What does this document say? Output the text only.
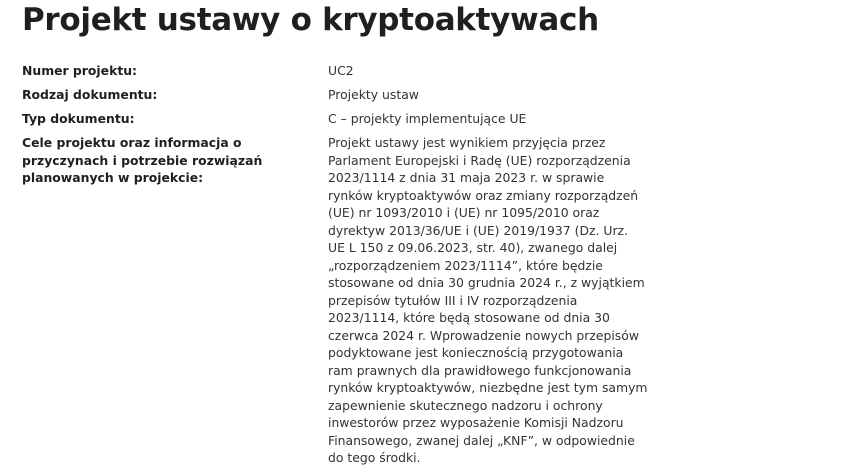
Projekt ustawy o kryptoaktywach
Numer projektu:	UC2
Rodzaj dokumentu:	Projekty ustaw
Typ dokumentu:	C – projekty implementujące UE
Cele projektu oraz informacja o przyczynach i potrzebie rozwiązań planowanych w projekcie:
Projekt ustawy jest wynikiem przyjęcia przez Parlament Europejski i Radę (UE) rozporządzenia 2023/1114 z dnia 31 maja 2023 r. w sprawie rynków kryptoaktywów oraz zmiany rozporządzeń (UE) nr 1093/2010 i (UE) nr 1095/2010 oraz dyrektyw 2013/36/UE i (UE) 2019/1937 (Dz. Urz. UE L 150 z 09.06.2023, str. 40), zwanego dalej „rozporządzeniem 2023/1114”, które będzie stosowane od dnia 30 grudnia 2024 r., z wyjątkiem przepisów tytułów III i IV rozporządzenia 2023/1114, które będą stosowane od dnia 30 czerwca 2024 r. Wprowadzenie nowych przepisów podyktowane jest koniecznością przygotowania ram prawnych dla prawidłowego funkcjonowania rynków kryptoaktywów, niezbędne jest tym samym zapewnienie skutecznego nadzoru i ochrony inwestorów przez wyposażenie Komisji Nadzoru Finansowego, zwanej dalej „KNF”, w odpowiednie do tego środki.
